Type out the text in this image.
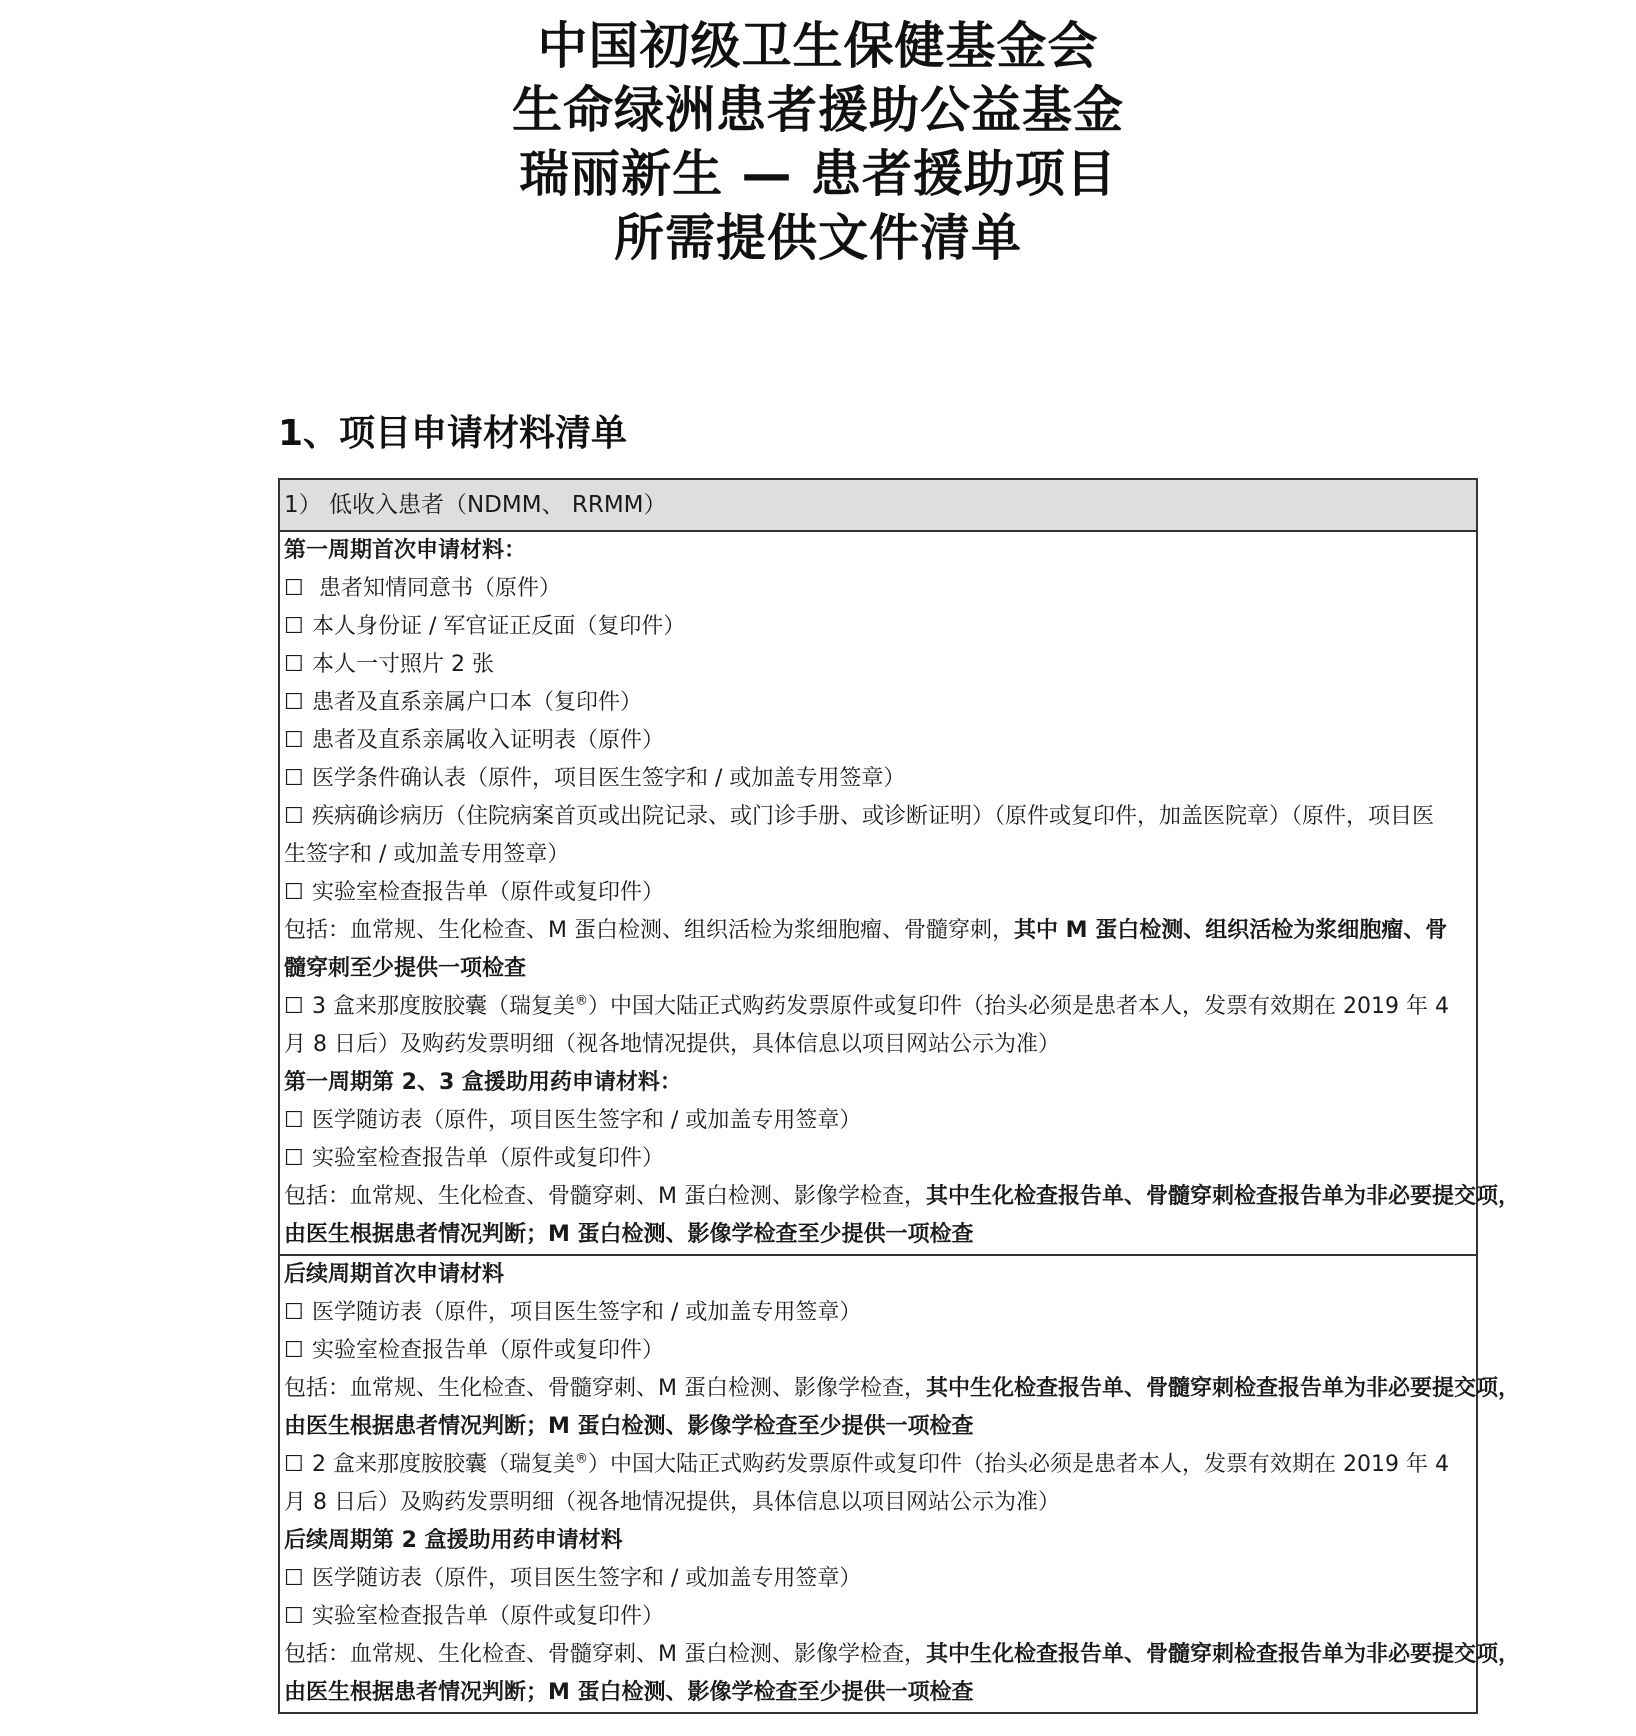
中国初级卫生保健基金会
生命绿洲患者援助公益基金
瑞丽新生 — 患者援助项目
所需提供文件清单
1、项目申请材料清单
1） 低收入患者（NDMM、 RRMM）
第一周期首次申请材料：
☐ 患者知情同意书（原件）
☐ 本人身份证 / 军官证正反面（复印件）
☐ 本人一寸照片 2 张
☐ 患者及直系亲属户口本（复印件）
☐ 患者及直系亲属收入证明表（原件）
☐ 医学条件确认表（原件，项目医生签字和 / 或加盖专用签章）
☐ 疾病确诊病历（住院病案首页或出院记录、或门诊手册、或诊断证明）（原件或复印件，加盖医院章）（原件，项目医
生签字和 / 或加盖专用签章）
☐ 实验室检查报告单（原件或复印件）
包括：血常规、生化检查、M 蛋白检测、组织活检为浆细胞瘤、骨髓穿刺，其中 M 蛋白检测、组织活检为浆细胞瘤、骨
髓穿刺至少提供一项检查
☐ 3 盒来那度胺胶囊（瑞复美®）中国大陆正式购药发票原件或复印件（抬头必须是患者本人，发票有效期在 2019 年 4
月 8 日后）及购药发票明细（视各地情况提供，具体信息以项目网站公示为准）
第一周期第 2、3 盒援助用药申请材料：
☐ 医学随访表（原件，项目医生签字和 / 或加盖专用签章）
☐ 实验室检查报告单（原件或复印件）
包括：血常规、生化检查、骨髓穿刺、M 蛋白检测、影像学检查，其中生化检查报告单、骨髓穿刺检查报告单为非必要提交项，
由医生根据患者情况判断；M 蛋白检测、影像学检查至少提供一项检查
后续周期首次申请材料
☐ 医学随访表（原件，项目医生签字和 / 或加盖专用签章）
☐ 实验室检查报告单（原件或复印件）
包括：血常规、生化检查、骨髓穿刺、M 蛋白检测、影像学检查，其中生化检查报告单、骨髓穿刺检查报告单为非必要提交项，
由医生根据患者情况判断；M 蛋白检测、影像学检查至少提供一项检查
☐ 2 盒来那度胺胶囊（瑞复美®）中国大陆正式购药发票原件或复印件（抬头必须是患者本人，发票有效期在 2019 年 4
月 8 日后）及购药发票明细（视各地情况提供，具体信息以项目网站公示为准）
后续周期第 2 盒援助用药申请材料
☐ 医学随访表（原件，项目医生签字和 / 或加盖专用签章）
☐ 实验室检查报告单（原件或复印件）
包括：血常规、生化检查、骨髓穿刺、M 蛋白检测、影像学检查，其中生化检查报告单、骨髓穿刺检查报告单为非必要提交项，
由医生根据患者情况判断；M 蛋白检测、影像学检查至少提供一项检查
